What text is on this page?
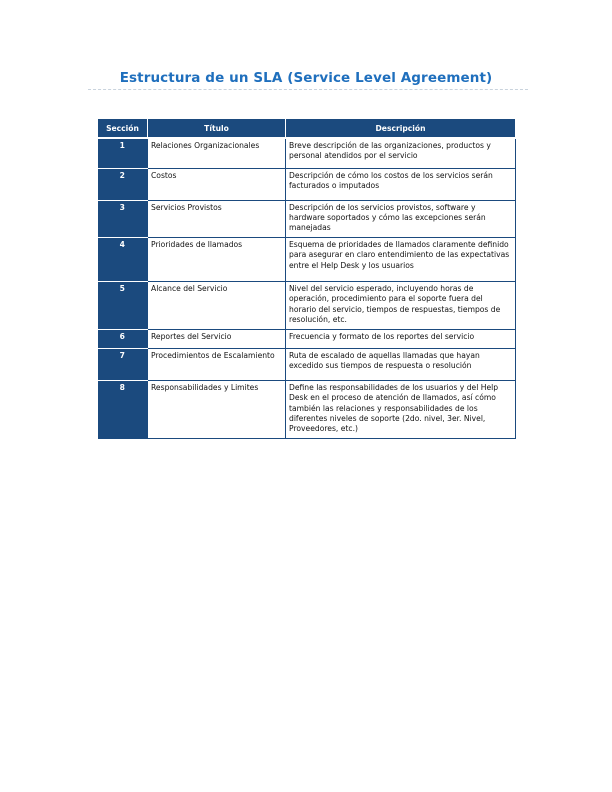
Estructura de un SLA (Service Level Agreement)
Sección	Título	Descripción
1	Relaciones Organizacionales	Breve descripción de las organizaciones, productos y personal atendidos por el servicio
2	Costos	Descripción de cómo los costos de los servicios serán facturados o imputados
3	Servicios Provistos	Descripción de los servicios provistos, software y hardware soportados y cómo las excepciones serán manejadas
4	Prioridades de llamados	Esquema de prioridades de llamados claramente definido para asegurar en claro entendimiento de las expectativas entre el Help Desk y los usuarios
5	Alcance del Servicio	Nivel del servicio esperado, incluyendo horas de operación, procedimiento para el soporte fuera del horario del servicio, tiempos de respuestas, tiempos de resolución, etc.
6	Reportes del Servicio	Frecuencia y formato de los reportes del servicio
7	Procedimientos de Escalamiento	Ruta de escalado de aquellas llamadas que hayan excedido sus tiempos de respuesta o resolución
8	Responsabilidades y Limites	Define las responsabilidades de los usuarios y del Help Desk en el proceso de atención de llamados, así cómo también las relaciones y responsabilidades de los diferentes niveles de soporte (2do. nivel, 3er. Nivel, Proveedores, etc.)
